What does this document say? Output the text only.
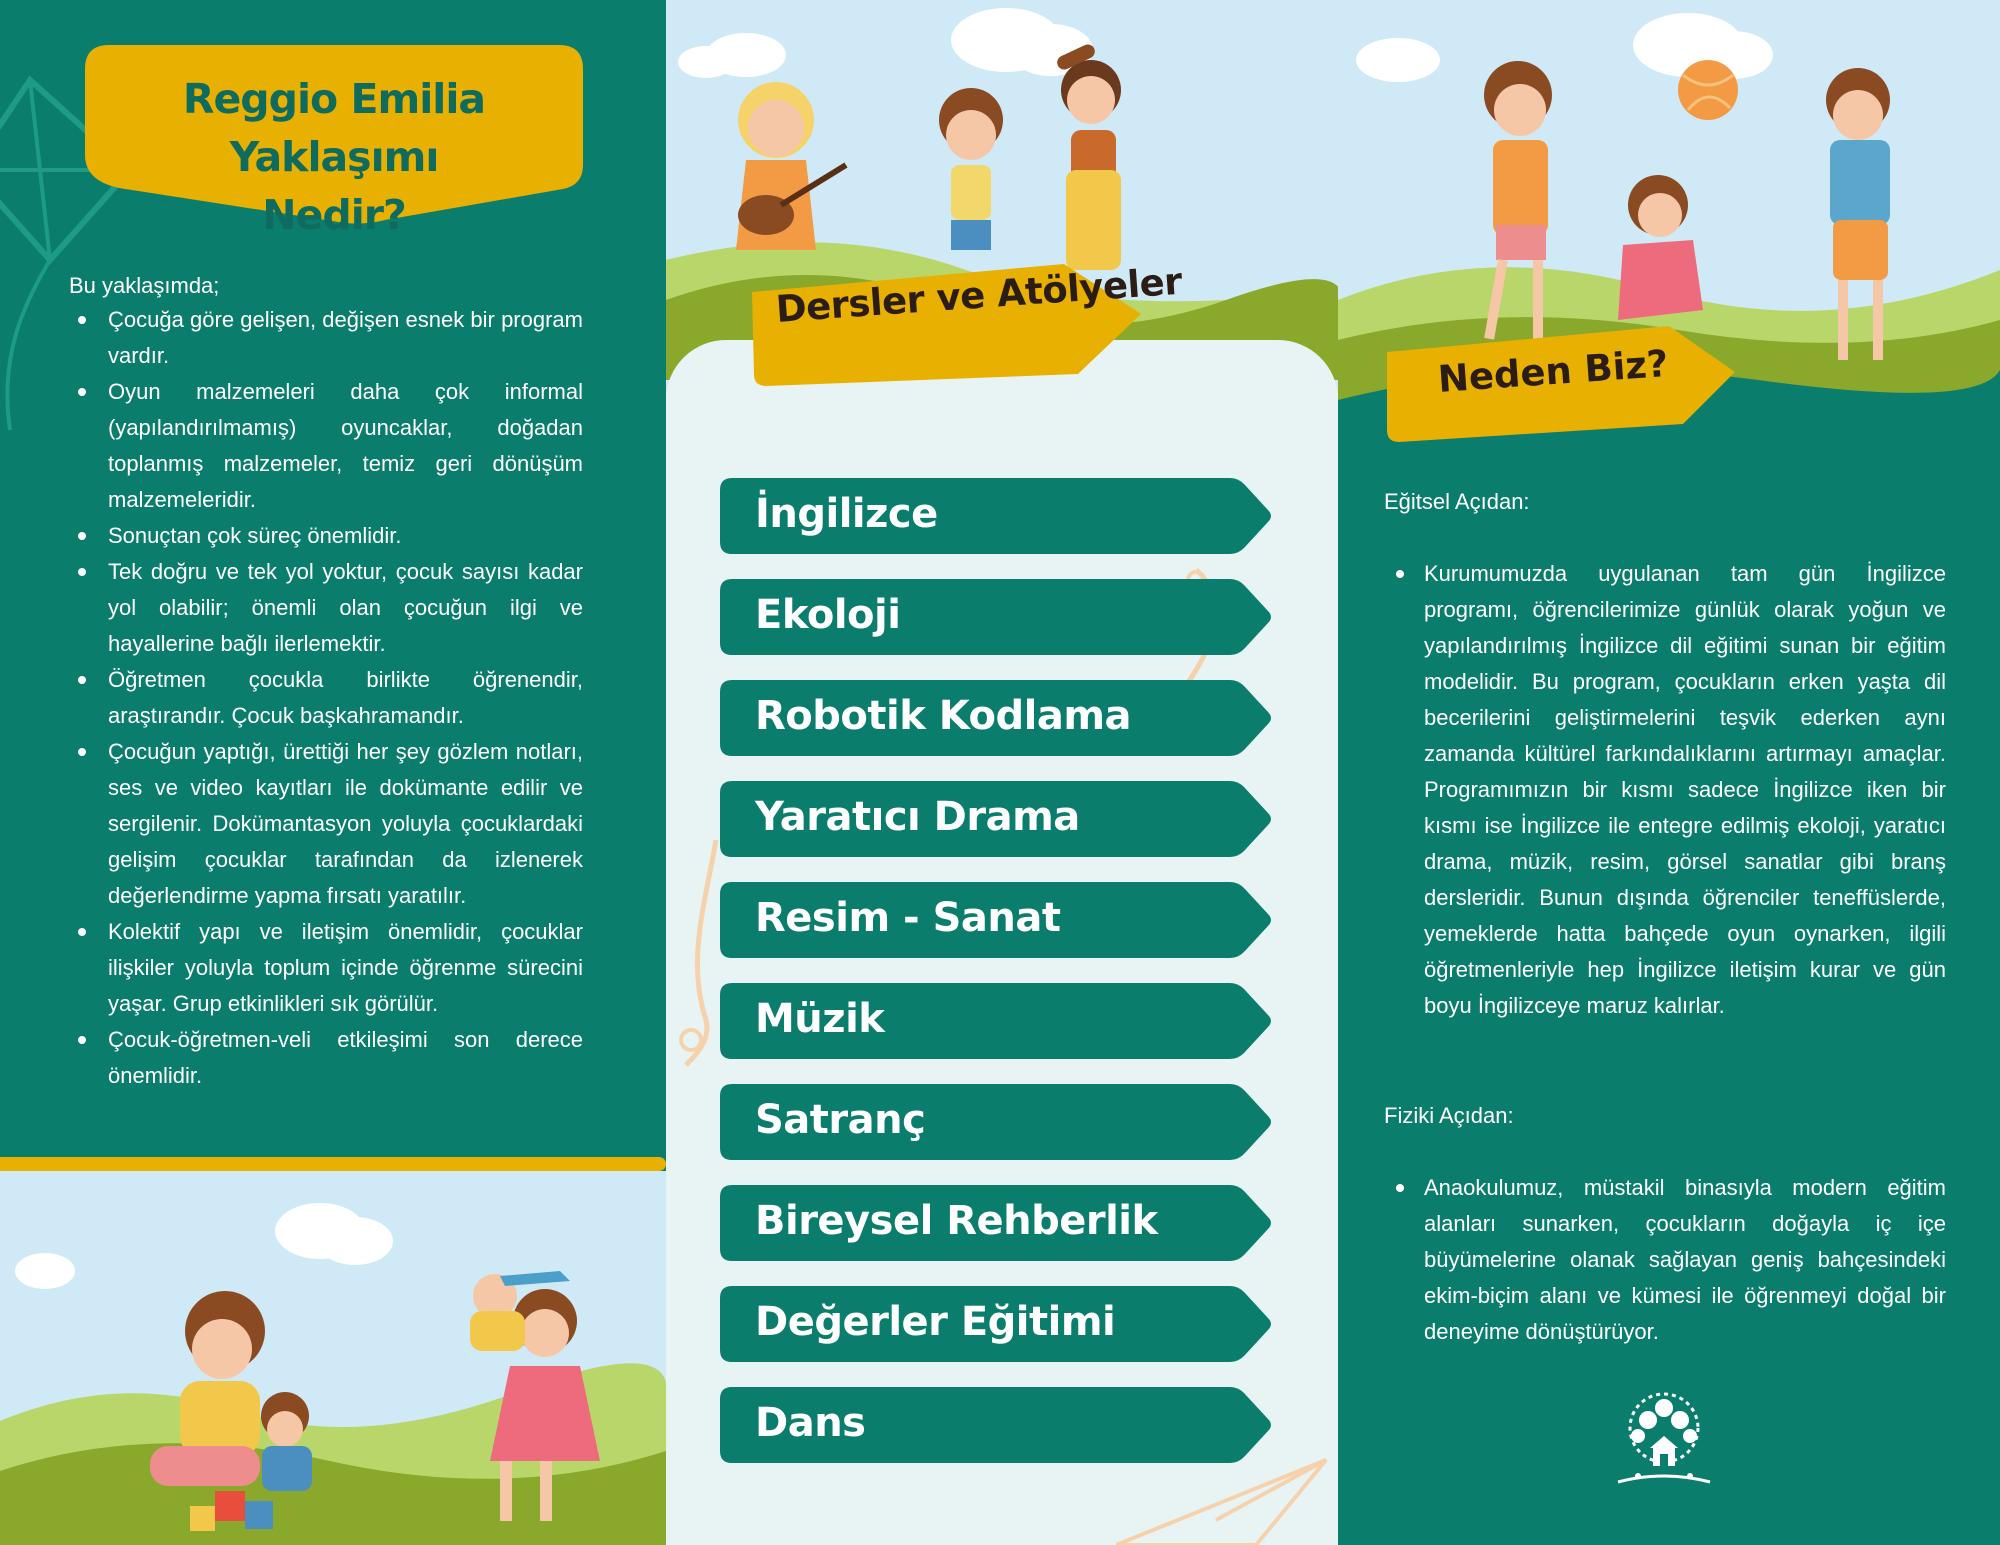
Reggio Emilia Yaklaşımı
Nedir?
Bu yaklaşımda;
Çocuğa göre gelişen, değişen esnek bir program vardır.
Oyun malzemeleri daha çok informal (yapılandırılmamış) oyuncaklar, doğadan toplanmış malzemeler, temiz geri dönüşüm malzemeleridir.
Sonuçtan çok süreç önemlidir.
Tek doğru ve tek yol yoktur, çocuk sayısı kadar yol olabilir; önemli olan çocuğun ilgi ve hayallerine bağlı ilerlemektir.
Öğretmen çocukla birlikte öğrenendir, araştırandır. Çocuk başkahramandır.
Çocuğun yaptığı, ürettiği her şey gözlem notları, ses ve video kayıtları ile dokümante edilir ve sergilenir. Dokümantasyon yoluyla çocuklardaki gelişim çocuklar tarafından da izlenerek değerlendirme yapma fırsatı yaratılır.
Kolektif yapı ve iletişim önemlidir, çocuklar ilişkiler yoluyla toplum içinde öğrenme sürecini yaşar. Grup etkinlikleri sık görülür.
Çocuk-öğretmen-veli etkileşimi son derece önemlidir.
Dersler ve Atölyeler
İngilizce
Ekoloji
Robotik Kodlama
Yaratıcı Drama
Resim - Sanat
Müzik
Satranç
Bireysel Rehberlik
Değerler Eğitimi
Dans
Neden Biz?
Eğitsel Açıdan:
Kurumumuzda uygulanan tam gün İngilizce programı, öğrencilerimize günlük olarak yoğun ve yapılandırılmış İngilizce dil eğitimi sunan bir eğitim modelidir. Bu program, çocukların erken yaşta dil becerilerini geliştirmelerini teşvik ederken aynı zamanda kültürel farkındalıklarını artırmayı amaçlar. Programımızın bir kısmı sadece İngilizce iken bir kısmı ise İngilizce ile entegre edilmiş ekoloji, yaratıcı drama, müzik, resim, görsel sanatlar gibi branş dersleridir. Bunun dışında öğrenciler teneffüslerde, yemeklerde hatta bahçede oyun oynarken, ilgili öğretmenleriyle hep İngilizce iletişim kurar ve gün boyu İngilizceye maruz kalırlar.
Fiziki Açıdan:
Anaokulumuz, müstakil binasıyla modern eğitim alanları sunarken, çocukların doğayla iç içe büyümelerine olanak sağlayan geniş bahçesindeki ekim-biçim alanı ve kümesi ile öğrenmeyi doğal bir deneyime dönüştürüyor.
